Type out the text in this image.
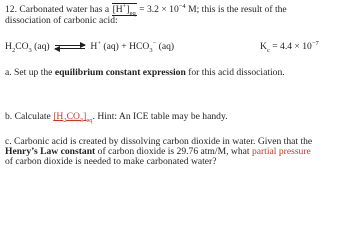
12. Carbonated water has a $[H^+]_{eq} = 3.2 \times 10^{-4}$ M; this is the result of the
dissociation of carbonic acid:
$H_2CO_3$ (aq)	H+ $(aq) + HCO_3^-$ (aq)	$K_c = 4.4 \times 10^{-7}$
a. Set up the equilibrium constant expression for this acid dissociation.
b. Calculate $[H_2CO_3]_{eq}$. Hint: An ICE table may be handy.
c. Carbonic acid is created by dissolving carbon dioxide in water. Given that the
Henry’s Law constant of carbon dioxide is 29.76 atm/M, what partial pressure
of carbon dioxide is needed to make carbonated water?
